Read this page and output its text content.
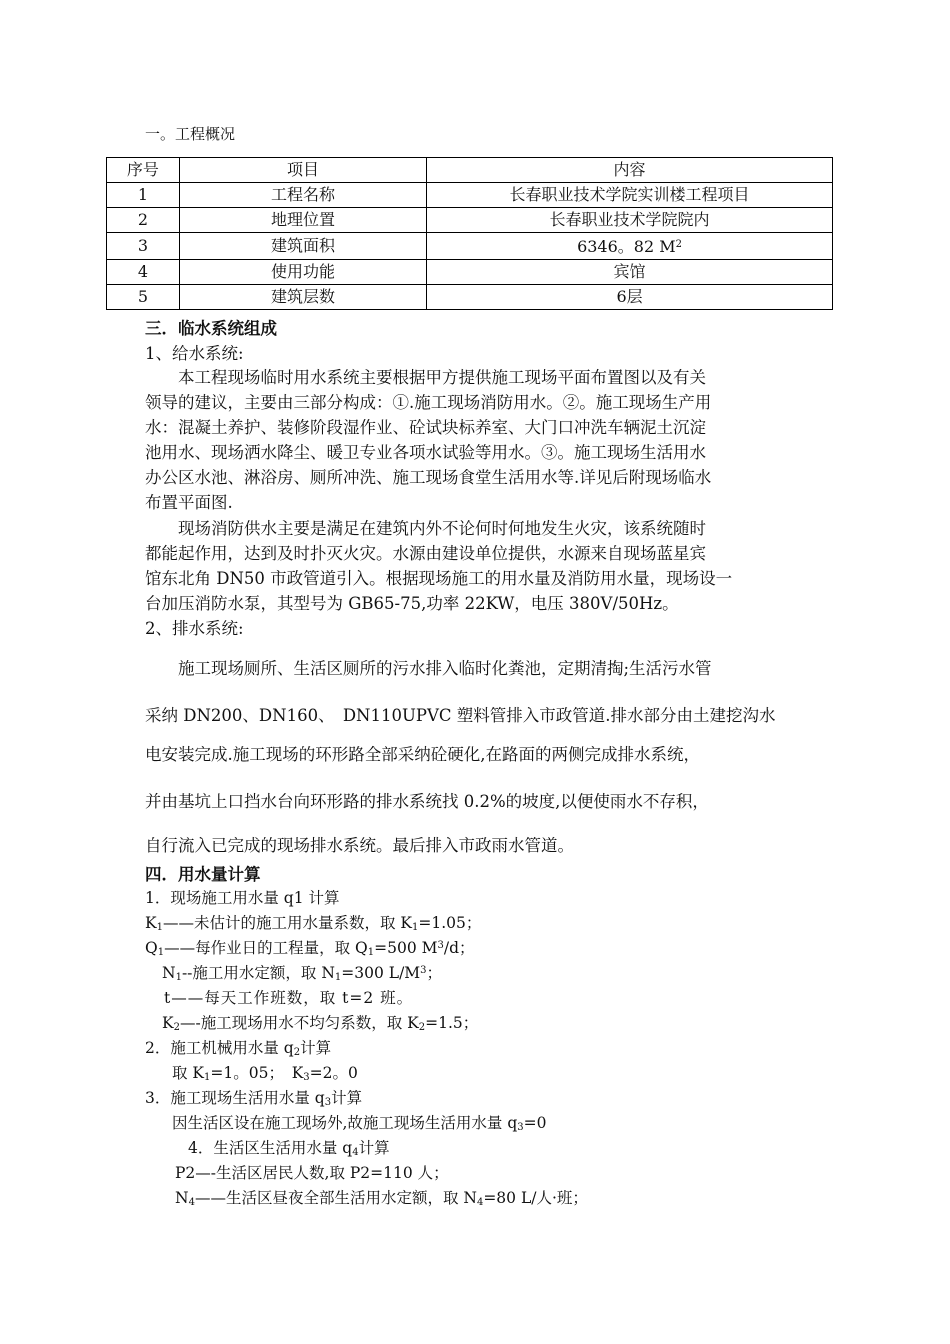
一。工程概况
序号	项目	内容
1	工程名称	长春职业技术学院实训楼工程项目
2	地理位置	长春职业技术学院院内
3	建筑面积	6346。82 $M^2$
4	使用功能	宾馆
5	建筑层数	6层
三．临水系统组成
1、给水系统:
本工程现场临时用水系统主要根据甲方提供施工现场平面布置图以及有关
领导的建议，主要由三部分构成：①.施工现场消防用水。②。施工现场生产用
水：混凝土养护、装修阶段湿作业、砼试块标养室、大门口冲洗车辆泥土沉淀
池用水、现场洒水降尘、暖卫专业各项水试验等用水。③。施工现场生活用水
办公区水池、淋浴房、厕所冲洗、施工现场食堂生活用水等.详见后附现场临水
布置平面图.
现场消防供水主要是满足在建筑内外不论何时何地发生火灾，该系统随时
都能起作用，达到及时扑灭火灾。水源由建设单位提供，水源来自现场蓝星宾
馆东北角 DN50 市政管道引入。根据现场施工的用水量及消防用水量，现场设一
台加压消防水泵，其型号为 GB65-75,功率 22KW，电压 380V/50Hz。
2、排水系统:
施工现场厕所、生活区厕所的污水排入临时化粪池，定期清掏;生活污水管
采纳 DN200、DN160、　DN110UPVC 塑料管排入市政管道.排水部分由土建挖沟水
电安装完成.施工现场的环形路全部采纳砼硬化,在路面的两侧完成排水系统，
并由基坑上口挡水台向环形路的排水系统找 0.2%的坡度,以便使雨水不存积，
自行流入已完成的现场排水系统。最后排入市政雨水管道。
四．用水量计算
1．现场施工用水量 q1 计算
$K_1——$未估计的施工用水量系数，取 $K_1=1.05$；
$Q_1——$每作业日的工程量，取 $Q_1=500$ $M^3/d$；
$N_1--$施工用水定额，取 $N_1=300$ $L/M^3$；
t——每天工作班数，取 t=2 班。
$K_2—-$施工现场用水不均匀系数，取 $K_2=1.5$；
2．施工机械用水量 $q_2$计算
取 $K_1=1$。05；　$K_3=2$。0
3．施工现场生活用水量 $q_3$计算
因生活区设在施工现场外,故施工现场生活用水量 $q_3=0$
4．生活区生活用水量 $q_4$计算
P2—-生活区居民人数,取 P2=110 人；
$N_4——$生活区昼夜全部生活用水定额，取 $N_4=80$ L/人·班；
